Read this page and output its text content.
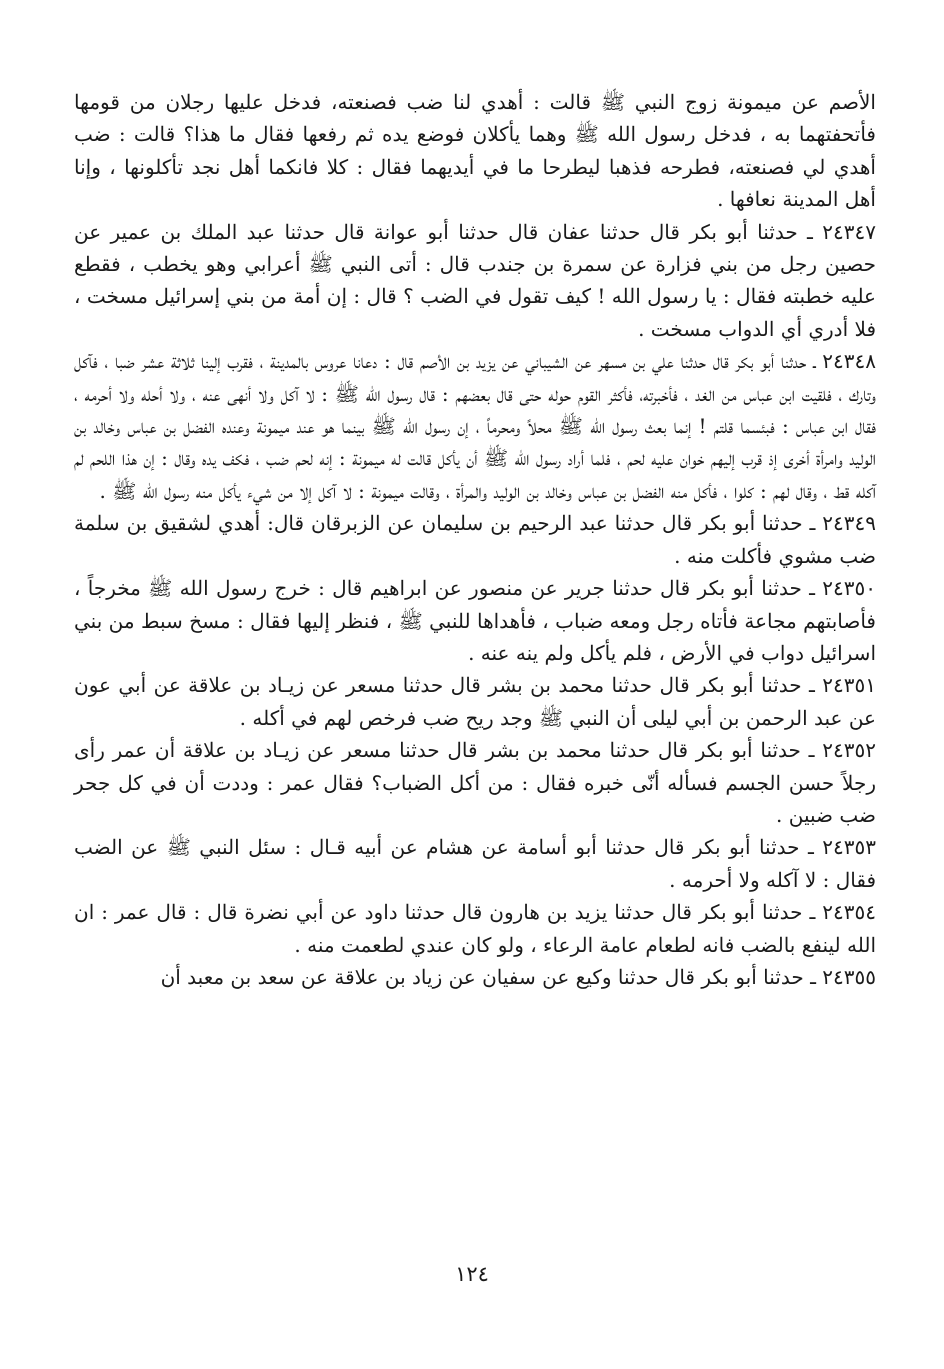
الأصم عن ميمونة زوج النبي ﷺ قالت : أهدي لنا ضب فصنعته، فدخل عليها رجلان من قومها فأتحفتهما به ، فدخل رسول الله ﷺ وهما يأكلان فوضع يده ثم رفعها فقال ما هذا؟ قالت : ضب أهدي لي فصنعته، فطرحه فذهبا ليطرحا ما في أيديهما فقال : كلا فانكما أهل نجد تأكلونها ، وإنا أهل المدينة نعافها .

٢٤٣٤٧ ـ حدثنا أبو بكر قال حدثنا عفان قال حدثنا أبو عوانة قال حدثنا عبد الملك بن عمير عن حصين رجل من بني فزارة عن سمرة بن جندب قال : أتى النبي ﷺ أعرابي وهو يخطب ، فقطع عليه خطبته فقال : يا رسول الله ! كيف تقول في الضب ؟ قال : إن أمة من بني إسرائيل مسخت ، فلا أدري أي الدواب مسخت .

٢٤٣٤٨ ـ حدثنا أبو بكر قال حدثنا علي بن مسهر عن الشيباني عن يزيد بن الأصم قال : دعانا عروس بالمدينة ، فقرب إلينا ثلاثة عشر ضبا ، فآكل وتارك ، فلقيت ابن عباس من الغد ، فأخبرته، فأكثر القوم حوله حتى قال بعضهم : قال رسول الله ﷺ : لا آكل ولا أنهى عنه ، ولا أحله ولا أحرمه ، فقال ابن عباس : فبئسما قلتم ! إنما بعث رسول الله ﷺ محلاً ومحرماً ، إن رسول الله ﷺ بينما هو عند ميمونة وعنده الفضل بن عباس وخالد بن الوليد وامرأة أخرى إذ قرب إليهم خوان عليه لحم ، فلما أراد رسول الله ﷺ أن يأكل قالت له ميمونة : إنه لحم ضب ، فكف يده وقال : إن هذا اللحم لم آكله قط ، وقال لهم : كلوا ، فأكل منه الفضل بن عباس وخالد بن الوليد والمرأة ، وقالت ميمونة : لا آكل إلا من شيء يأكل منه رسول الله ﷺ .

٢٤٣٤٩ ـ حدثنا أبو بكر قال حدثنا عبد الرحيم بن سليمان عن الزبرقان قال: أهدي لشقيق بن سلمة ضب مشوي فأكلت منه .

٢٤٣٥٠ ـ حدثنا أبو بكر قال حدثنا جرير عن منصور عن ابراهيم قال : خرج رسول الله ﷺ مخرجاً ، فأصابتهم مجاعة فأتاه رجل ومعه ضباب ، فأهداها للنبي ﷺ ، فنظر إليها فقال : مسخ سبط من بني اسرائيل دواب في الأرض ، فلم يأكل ولم ينه عنه .

٢٤٣٥١ ـ حدثنا أبو بكر قال حدثنا محمد بن بشر قال حدثنا مسعر عن زيـاد بن علاقة عن أبي عون عن عبد الرحمن بن أبي ليلى أن النبي ﷺ وجد ريح ضب فرخص لهم في أكله .

٢٤٣٥٢ ـ حدثنا أبو بكر قال حدثنا محمد بن بشر قال حدثنا مسعر عن زيـاد بن علاقة أن عمر رأى رجلاً حسن الجسم فسأله أنّى خبره فقال : من أكل الضباب؟ فقال عمر : وددت أن في كل جحر ضب ضبين .

٢٤٣٥٣ ـ حدثنا أبو بكر قال حدثنا أبو أسامة عن هشام عن أبيه قـال : سئل النبي ﷺ عن الضب فقال : لا آكله ولا أحرمه .

٢٤٣٥٤ ـ حدثنا أبو بكر قال حدثنا يزيد بن هارون قال حدثنا داود عن أبي نضرة قال : قال عمر : ان الله لينفع بالضب فانه لطعام عامة الرعاء ، ولو كان عندي لطعمت منه .

٢٤٣٥٥ ـ حدثنا أبو بكر قال حدثنا وكيع عن سفيان عن زياد بن علاقة عن سعد بن معبد أن

١٢٤
